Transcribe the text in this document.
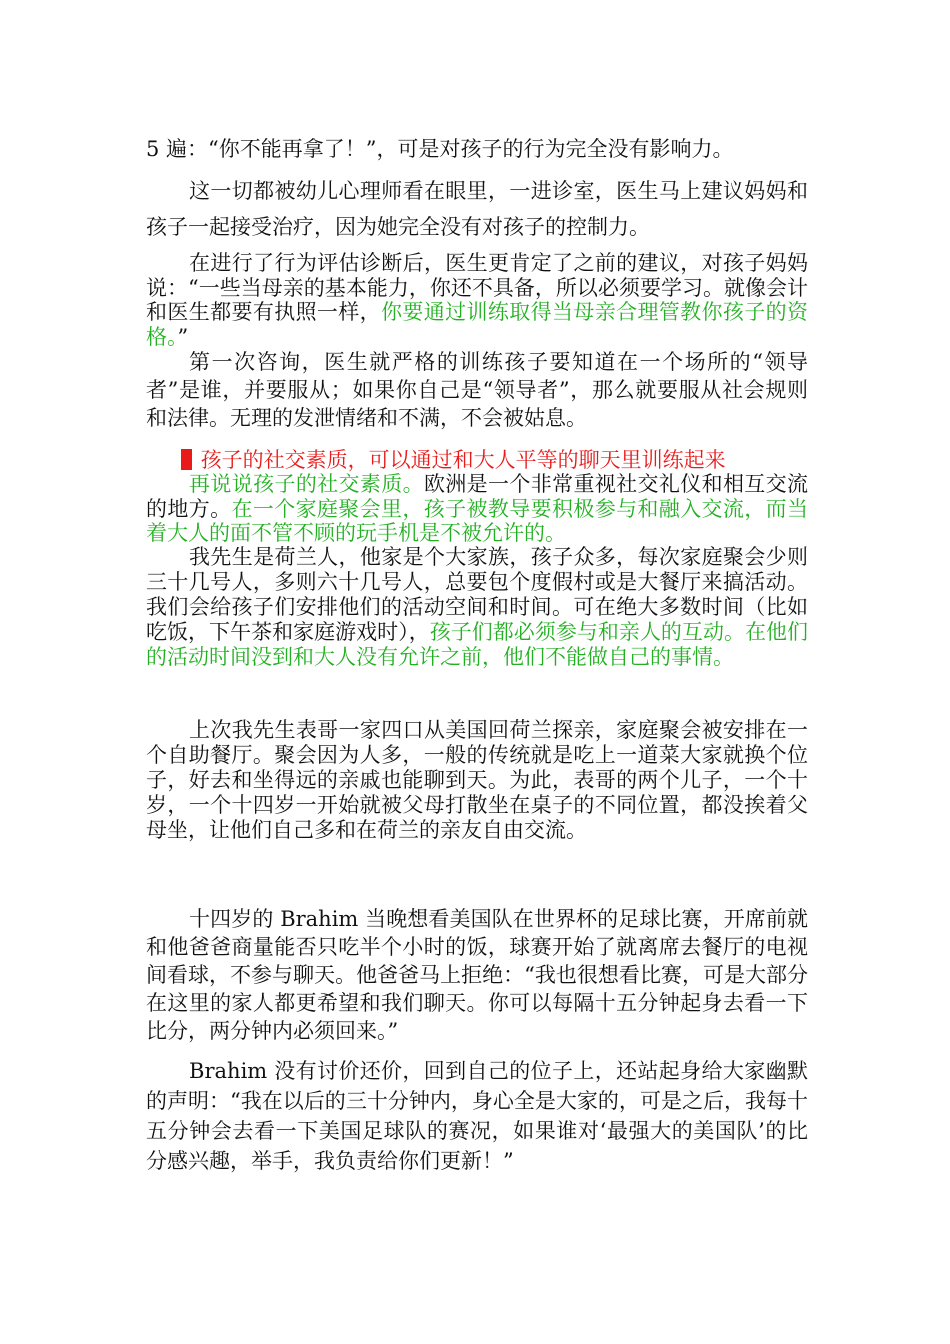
5 遍：“你不能再拿了！”，可是对孩子的行为完全没有影响力。

这一切都被幼儿心理师看在眼里，一进诊室，医生马上建议妈妈和孩子一起接受治疗，因为她完全没有对孩子的控制力。

在进行了行为评估诊断后，医生更肯定了之前的建议，对孩子妈妈说：“一些当母亲的基本能力，你还不具备，所以必须要学习。就像会计和医生都要有执照一样，你要通过训练取得当母亲合理管教你孩子的资格。”

第一次咨询，医生就严格的训练孩子要知道在一个场所的“领导者”是谁，并要服从；如果你自己是“领导者”，那么就要服从社会规则和法律。无理的发泄情绪和不满，不会被姑息。

孩子的社交素质，可以通过和大人平等的聊天里训练起来

再说说孩子的社交素质。欧洲是一个非常重视社交礼仪和相互交流的地方。在一个家庭聚会里，孩子被教导要积极参与和融入交流，而当着大人的面不管不顾的玩手机是不被允许的。

我先生是荷兰人，他家是个大家族，孩子众多，每次家庭聚会少则三十几号人，多则六十几号人，总要包个度假村或是大餐厅来搞活动。我们会给孩子们安排他们的活动空间和时间。可在绝大多数时间（比如吃饭，下午茶和家庭游戏时），孩子们都必须参与和亲人的互动。在他们的活动时间没到和大人没有允许之前，他们不能做自己的事情。

上次我先生表哥一家四口从美国回荷兰探亲，家庭聚会被安排在一个自助餐厅。聚会因为人多，一般的传统就是吃上一道菜大家就换个位子，好去和坐得远的亲戚也能聊到天。为此，表哥的两个儿子，一个十岁，一个十四岁一开始就被父母打散坐在桌子的不同位置，都没挨着父母坐，让他们自己多和在荷兰的亲友自由交流。

十四岁的 Brahim 当晚想看美国队在世界杯的足球比赛，开席前就和他爸爸商量能否只吃半个小时的饭，球赛开始了就离席去餐厅的电视间看球，不参与聊天。他爸爸马上拒绝：“我也很想看比赛，可是大部分在这里的家人都更希望和我们聊天。你可以每隔十五分钟起身去看一下比分，两分钟内必须回来。”

Brahim 没有讨价还价，回到自己的位子上，还站起身给大家幽默的声明：“我在以后的三十分钟内，身心全是大家的，可是之后，我每十五分钟会去看一下美国足球队的赛况，如果谁对‘最强大的美国队’的比分感兴趣，举手，我负责给你们更新！”
